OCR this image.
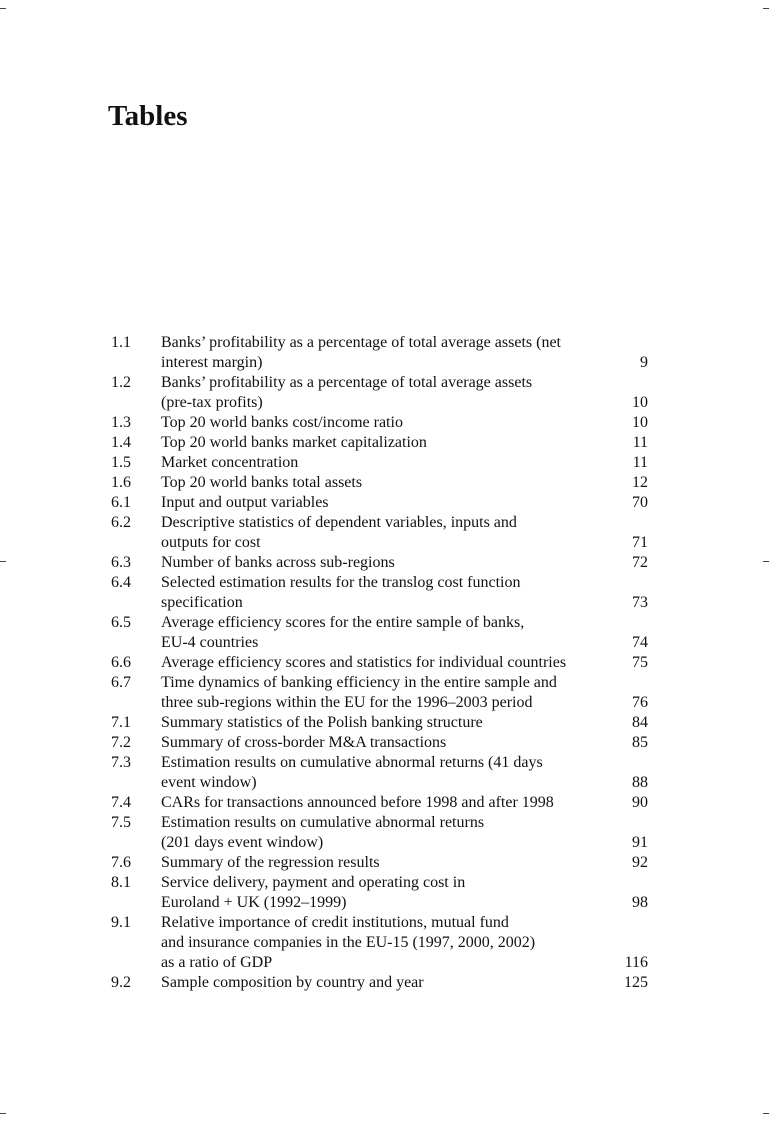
Tables
1.1	Banks’ profitability as a percentage of total average assets (net
interest margin)	9
1.2	Banks’ profitability as a percentage of total average assets
(pre-tax profits)	10
1.3	Top 20 world banks cost/income ratio	10
1.4	Top 20 world banks market capitalization	11
1.5	Market concentration	11
1.6	Top 20 world banks total assets	12
6.1	Input and output variables	70
6.2	Descriptive statistics of dependent variables, inputs and
outputs for cost	71
6.3	Number of banks across sub-regions	72
6.4	Selected estimation results for the translog cost function
specification	73
6.5	Average efficiency scores for the entire sample of banks,
EU-4 countries	74
6.6	Average efficiency scores and statistics for individual countries	75
6.7	Time dynamics of banking efficiency in the entire sample and
three sub-regions within the EU for the 1996–2003 period	76
7.1	Summary statistics of the Polish banking structure	84
7.2	Summary of cross-border M&A transactions	85
7.3	Estimation results on cumulative abnormal returns (41 days
event window)	88
7.4	CARs for transactions announced before 1998 and after 1998	90
7.5	Estimation results on cumulative abnormal returns
(201 days event window)	91
7.6	Summary of the regression results	92
8.1	Service delivery, payment and operating cost in
Euroland + UK (1992–1999)	98
9.1	Relative importance of credit institutions, mutual fund
and insurance companies in the EU-15 (1997, 2000, 2002)
as a ratio of GDP	116
9.2	Sample composition by country and year	125
